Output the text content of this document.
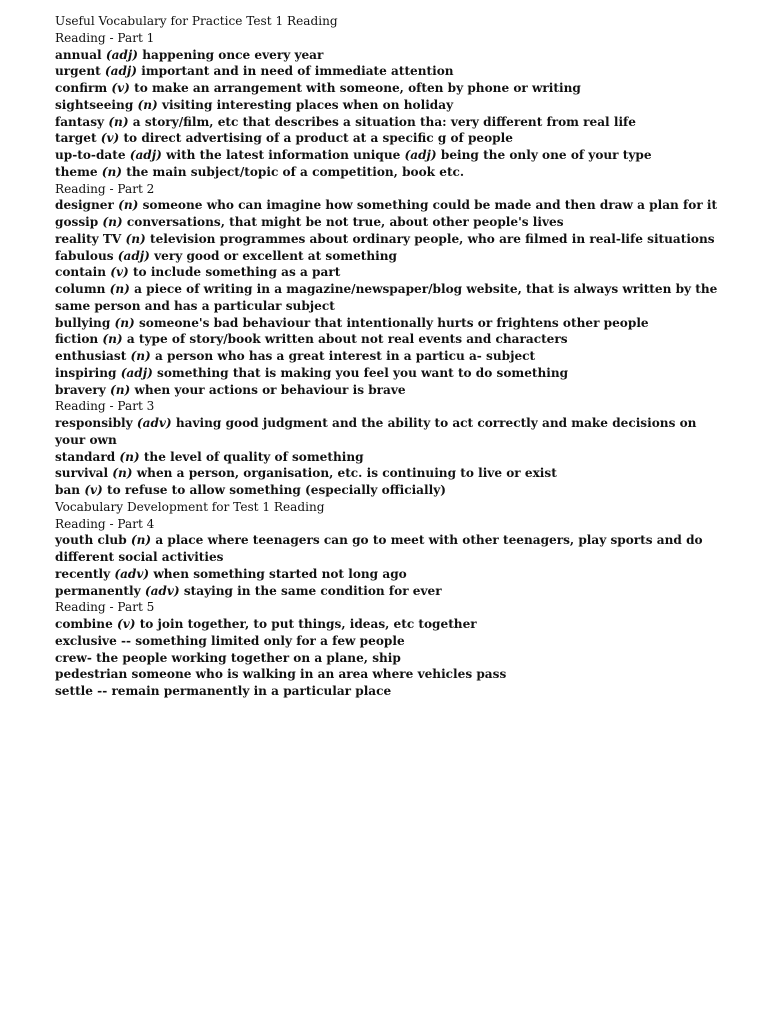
Useful Vocabulary for Practice Test 1 Reading

Reading - Part 1

annual (adj) happening once every year

urgent (adj) important and in need of immediate attention

confirm (v) to make an arrangement with someone, often by phone or writing

sightseeing (n) visiting interesting places when on holiday

fantasy (n) a story/film, etc that describes a situation tha: very different from real life

target (v) to direct advertising of a product at a specific g of people

up-to-date (adj) with the latest information unique (adj) being the only one of your type

theme (n) the main subject/topic of a competition, book etc.

Reading - Part 2

designer (n) someone who can imagine how something could be made and then draw a plan for it

gossip (n) conversations, that might be not true, about other people's lives

reality TV (n) television programmes about ordinary people, who are filmed in real-life situations

fabulous (adj) very good or excellent at something

contain (v) to include something as a part

column (n) a piece of writing in a magazine/newspaper/blog website, that is always written by the same person and has a particular subject

bullying (n) someone's bad behaviour that intentionally hurts or frightens other people

fiction (n) a type of story/book written about not real events and characters

enthusiast (n) a person who has a great interest in a particu a- subject

inspiring (adj) something that is making you feel you want to do something

bravery (n) when your actions or behaviour is brave

Reading - Part 3

responsibly (adv) having good judgment and the ability to act correctly and make decisions on your own

standard (n) the level of quality of something

survival (n) when a person, organisation, etc. is continuing to live or exist

ban (v) to refuse to allow something (especially officially)

Vocabulary Development for Test 1 Reading

Reading - Part 4

youth club (n) a place where teenagers can go to meet with other teenagers, play sports and do different social activities

recently (adv) when something started not long ago

permanently (adv) staying in the same condition for ever

Reading - Part 5

combine (v) to join together, to put things, ideas, etc together

exclusive -- something limited only for a few people

crew- the people working together on a plane, ship

pedestrian someone who is walking in an area where vehicles pass

settle -- remain permanently in a particular place
